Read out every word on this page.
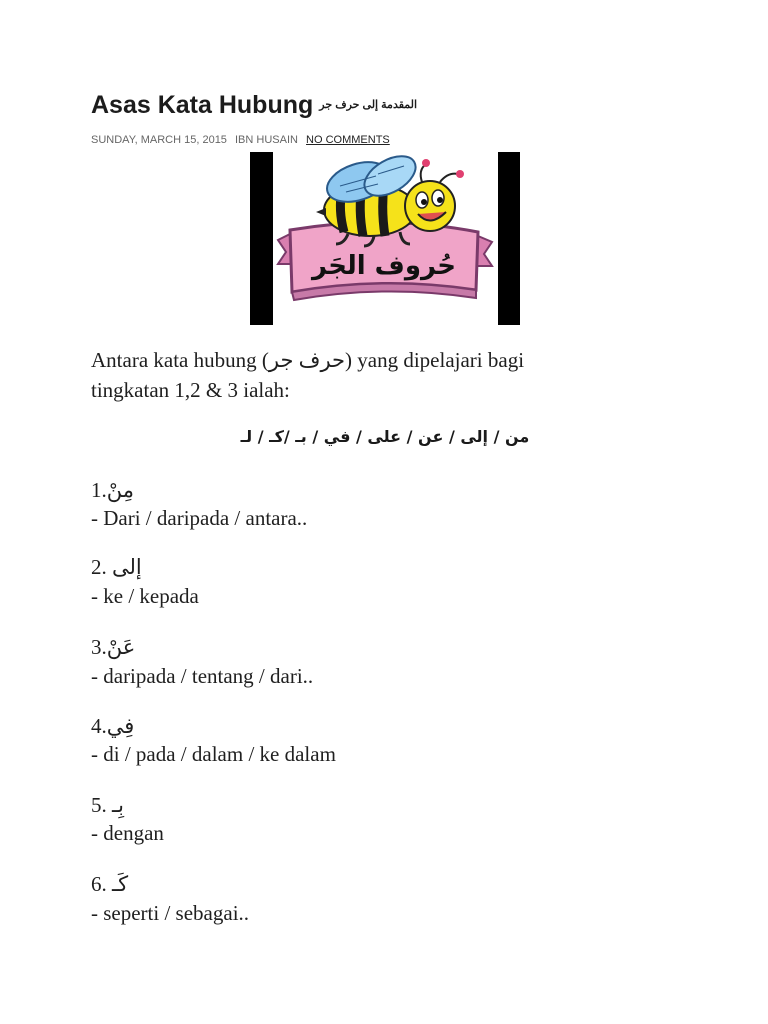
Asas Kata Hubung $^{المقدمة إلى حرف جر}$
SUNDAY, MARCH 15, 2015 IBN HUSAIN NO COMMENTS
حُروف الجَر
Antara kata hubung (حرف جر) yang dipelajari bagi
tingkatan 1,2 & 3 ialah:
من / إلى / عن / على / في / بـ /كـ / لـ
1.مِنْ
- Dari / daripada / antara..
2. إلى
- ke / kepada
3.عَنْ
- daripada / tentang / dari..
4.فِي
- di / pada / dalam / ke dalam
5. بِـ
- dengan
6. كَـ
- seperti / sebagai..
